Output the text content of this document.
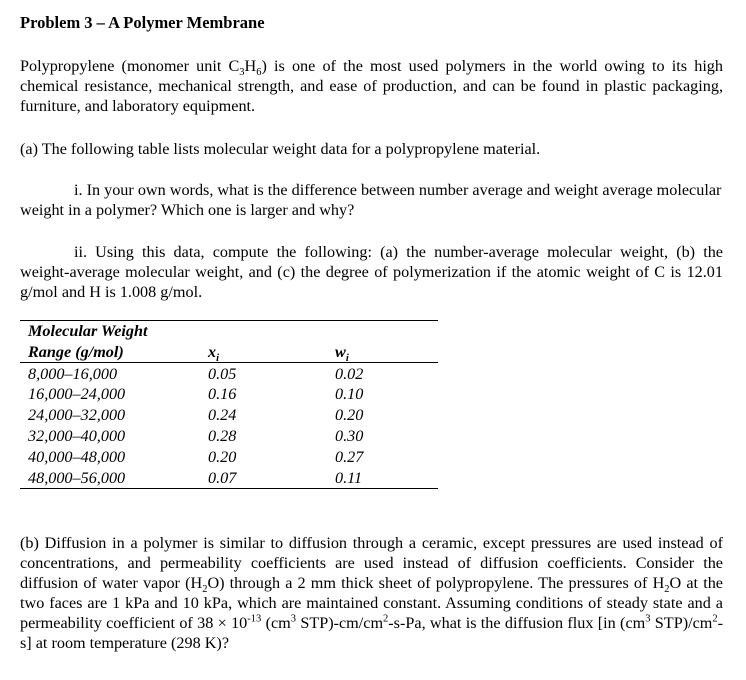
Problem 3 – A Polymer Membrane

Polypropylene (monomer unit $C_3H_6$) is one of the most used polymers in the world owing to its high chemical resistance, mechanical strength, and ease of production, and can be found in plastic packaging, furniture, and laboratory equipment.

(a) The following table lists molecular weight data for a polypropylene material.

i. In your own words, what is the difference between number average and weight average molecular weight in a polymer? Which one is larger and why?

ii. Using this data, compute the following: (a) the number-average molecular weight, (b) the weight-average molecular weight, and (c) the degree of polymerization if the atomic weight of C is 12.01 g/mol and H is 1.008 g/mol.

Molecular Weight		
Range (g/mol)	$x_i$	$w_i$
8,000–16,000	0.05	0.02
16,000–24,000	0.16	0.10
24,000–32,000	0.24	0.20
32,000–40,000	0.28	0.30
40,000–48,000	0.20	0.27
48,000–56,000	0.07	0.11

(b) Diffusion in a polymer is similar to diffusion through a ceramic, except pressures are used instead of concentrations, and permeability coefficients are used instead of diffusion coefficients. Consider the diffusion of water vapor $(H_2O)$ through a 2 mm thick sheet of polypropylene. The pressures of $H_2O$ at the two faces are 1 kPa and 10 kPa, which are maintained constant. Assuming conditions of steady state and a permeability coefficient of $38 \times 10^{-13}$ ($cm^3$ $STP)-cm/cm^2-s-Pa$, what is the diffusion flux [in ($cm^3$ $STP)/cm^2-s$] at room temperature (298 K)?
